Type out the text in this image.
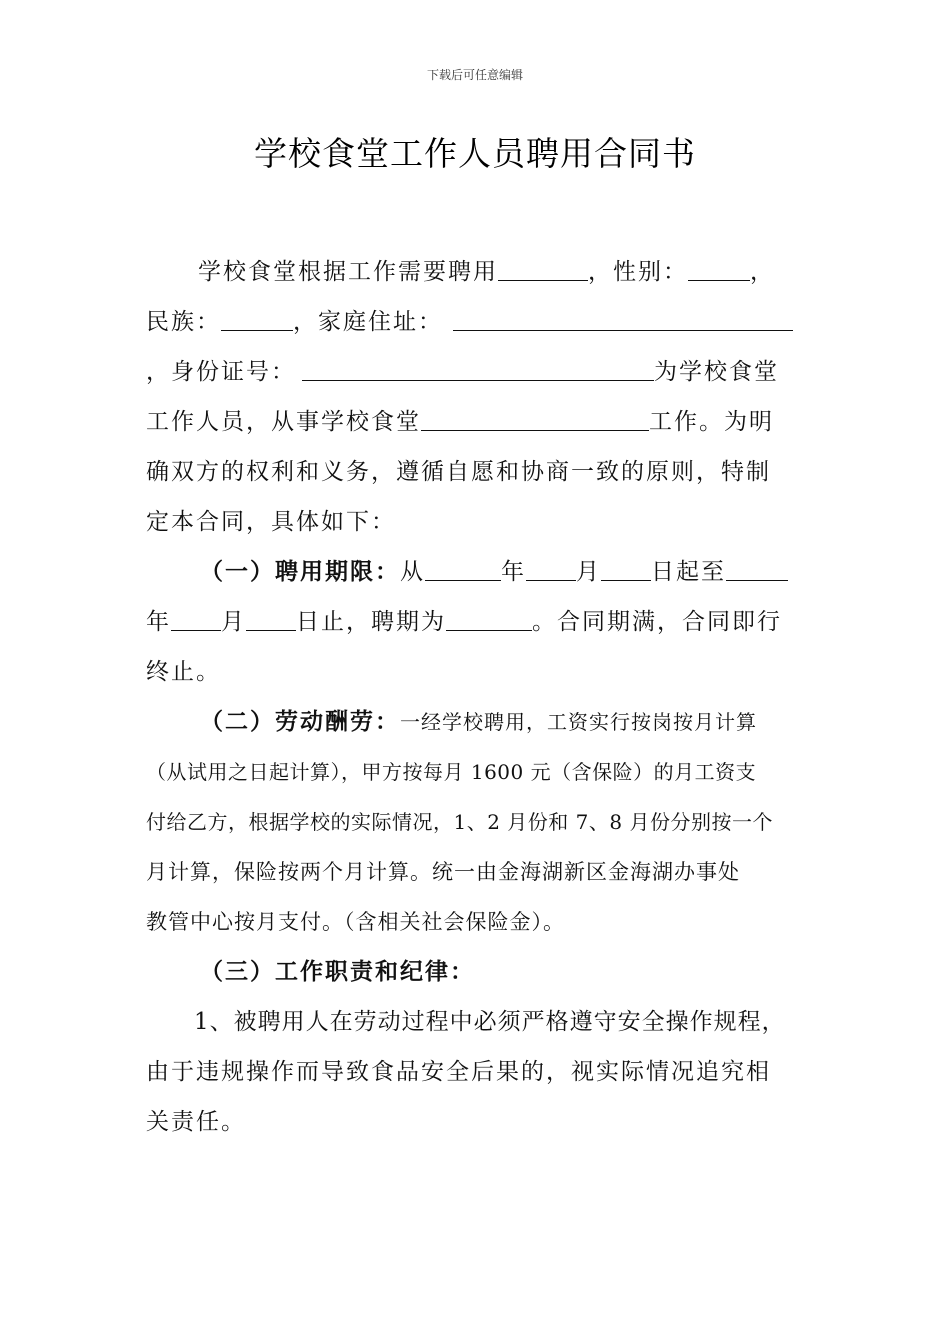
下载后可任意编辑
学校食堂工作人员聘用合同书
学校食堂根据工作需要聘用	，性别：	，
民族：	，家庭住址：
，身份证号：	为学校食堂
工作人员，从事学校食堂	工作。为明
确双方的权利和义务，遵循自愿和协商一致的原则，特制
定本合同，具体如下：
（一）聘用期限：从	年 月 日起至
年 月 日止，聘期为	。合同期满，合同即行
终止。
（二）劳动酬劳：一经学校聘用，工资实行按岗按月计算
（从试用之日起计算），甲方按每月 1600 元（含保险）的月工资支
付给乙方，根据学校的实际情况，1、2 月份和 7、8 月份分别按一个
月计算，保险按两个月计算。统一由金海湖新区金海湖办事处
教管中心按月支付。（含相关社会保险金）。
（三）工作职责和纪律：
1、被聘用人在劳动过程中必须严格遵守安全操作规程，
由于违规操作而导致食品安全后果的，视实际情况追究相
关责任。
